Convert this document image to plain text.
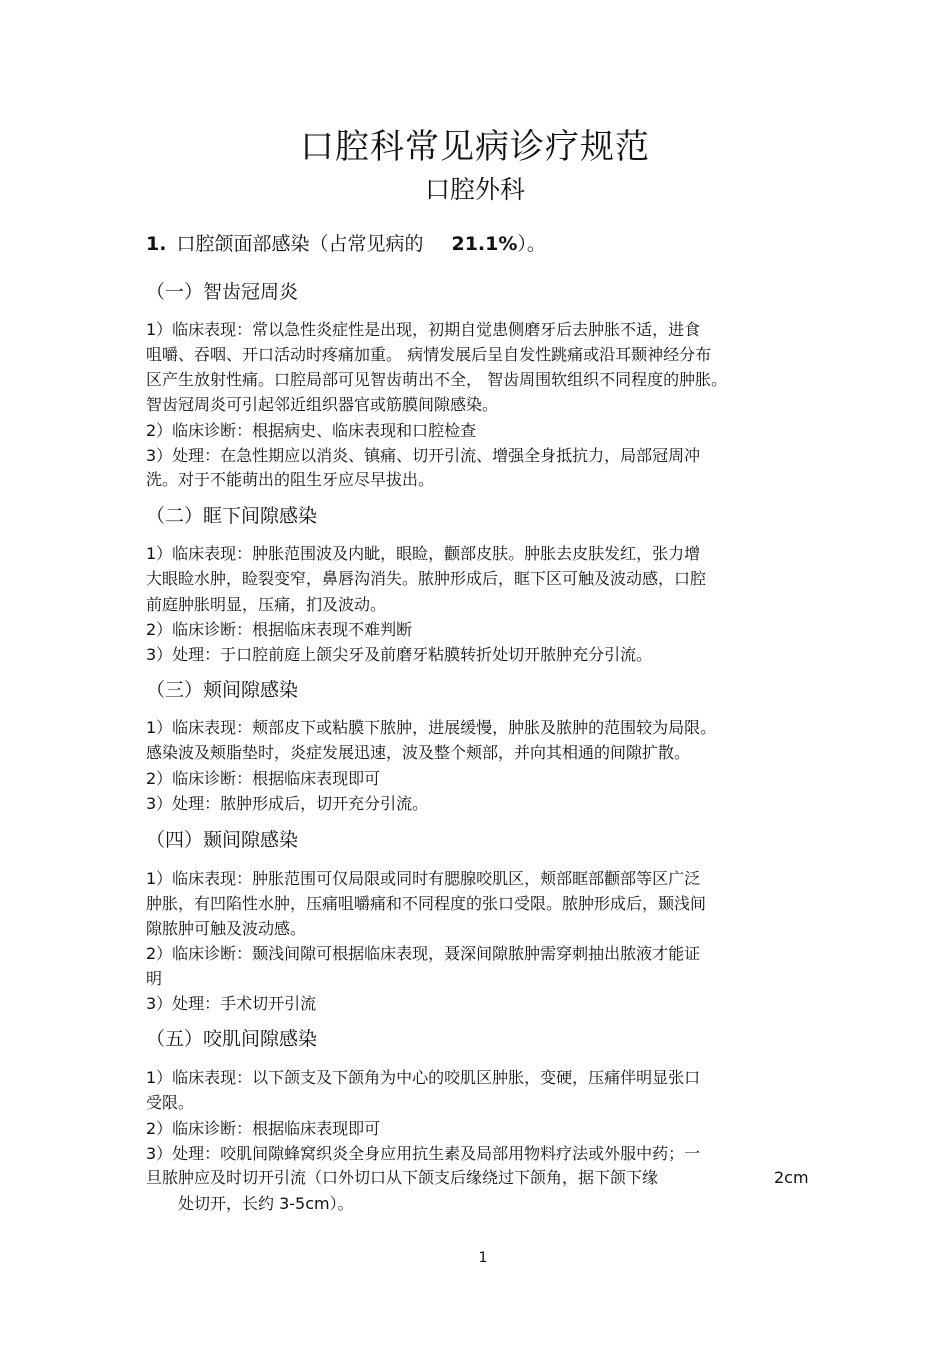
口腔科常见病诊疗规范
口腔外科
1. 口腔颌面部感染（占常见病的 21.1%）。
（一）智齿冠周炎
1）临床表现：常以急性炎症性是出现，初期自觉患侧磨牙后去肿胀不适，进食
咀嚼、吞咽、开口活动时疼痛加重。 病情发展后呈自发性跳痛或沿耳颞神经分布
区产生放射性痛。口腔局部可见智齿萌出不全， 智齿周围软组织不同程度的肿胀。
智齿冠周炎可引起邻近组织器官或筋膜间隙感染。
2）临床诊断：根据病史、临床表现和口腔检查
3）处理：在急性期应以消炎、镇痛、切开引流、增强全身抵抗力，局部冠周冲
洗。对于不能萌出的阻生牙应尽早拔出。
（二）眶下间隙感染
1）临床表现：肿胀范围波及内眦，眼睑，颧部皮肤。肿胀去皮肤发红，张力增
大眼睑水肿，睑裂变窄，鼻唇沟消失。脓肿形成后，眶下区可触及波动感，口腔
前庭肿胀明显，压痛，扪及波动。
2）临床诊断：根据临床表现不难判断
3）处理：于口腔前庭上颌尖牙及前磨牙粘膜转折处切开脓肿充分引流。
（三）颊间隙感染
1）临床表现：颊部皮下或粘膜下脓肿，进展缓慢，肿胀及脓肿的范围较为局限。
感染波及颊脂垫时，炎症发展迅速，波及整个颊部，并向其相通的间隙扩散。
2）临床诊断：根据临床表现即可
3）处理：脓肿形成后，切开充分引流。
（四）颞间隙感染
1）临床表现：肿胀范围可仅局限或同时有腮腺咬肌区，颊部眶部颧部等区广泛
肿胀，有凹陷性水肿，压痛咀嚼痛和不同程度的张口受限。脓肿形成后，颞浅间
隙脓肿可触及波动感。
2）临床诊断：颞浅间隙可根据临床表现，聂深间隙脓肿需穿刺抽出脓液才能证
明
3）处理：手术切开引流
（五）咬肌间隙感染
1）临床表现：以下颌支及下颌角为中心的咬肌区肿胀，变硬，压痛伴明显张口
受限。
2）临床诊断：根据临床表现即可
3）处理：咬肌间隙蜂窝织炎全身应用抗生素及局部用物料疗法或外服中药；一
旦脓肿应及时切开引流（口外切口从下颌支后缘绕过下颌角，据下颌下缘	2cm
处切开，长约 3-5cm）。
1
